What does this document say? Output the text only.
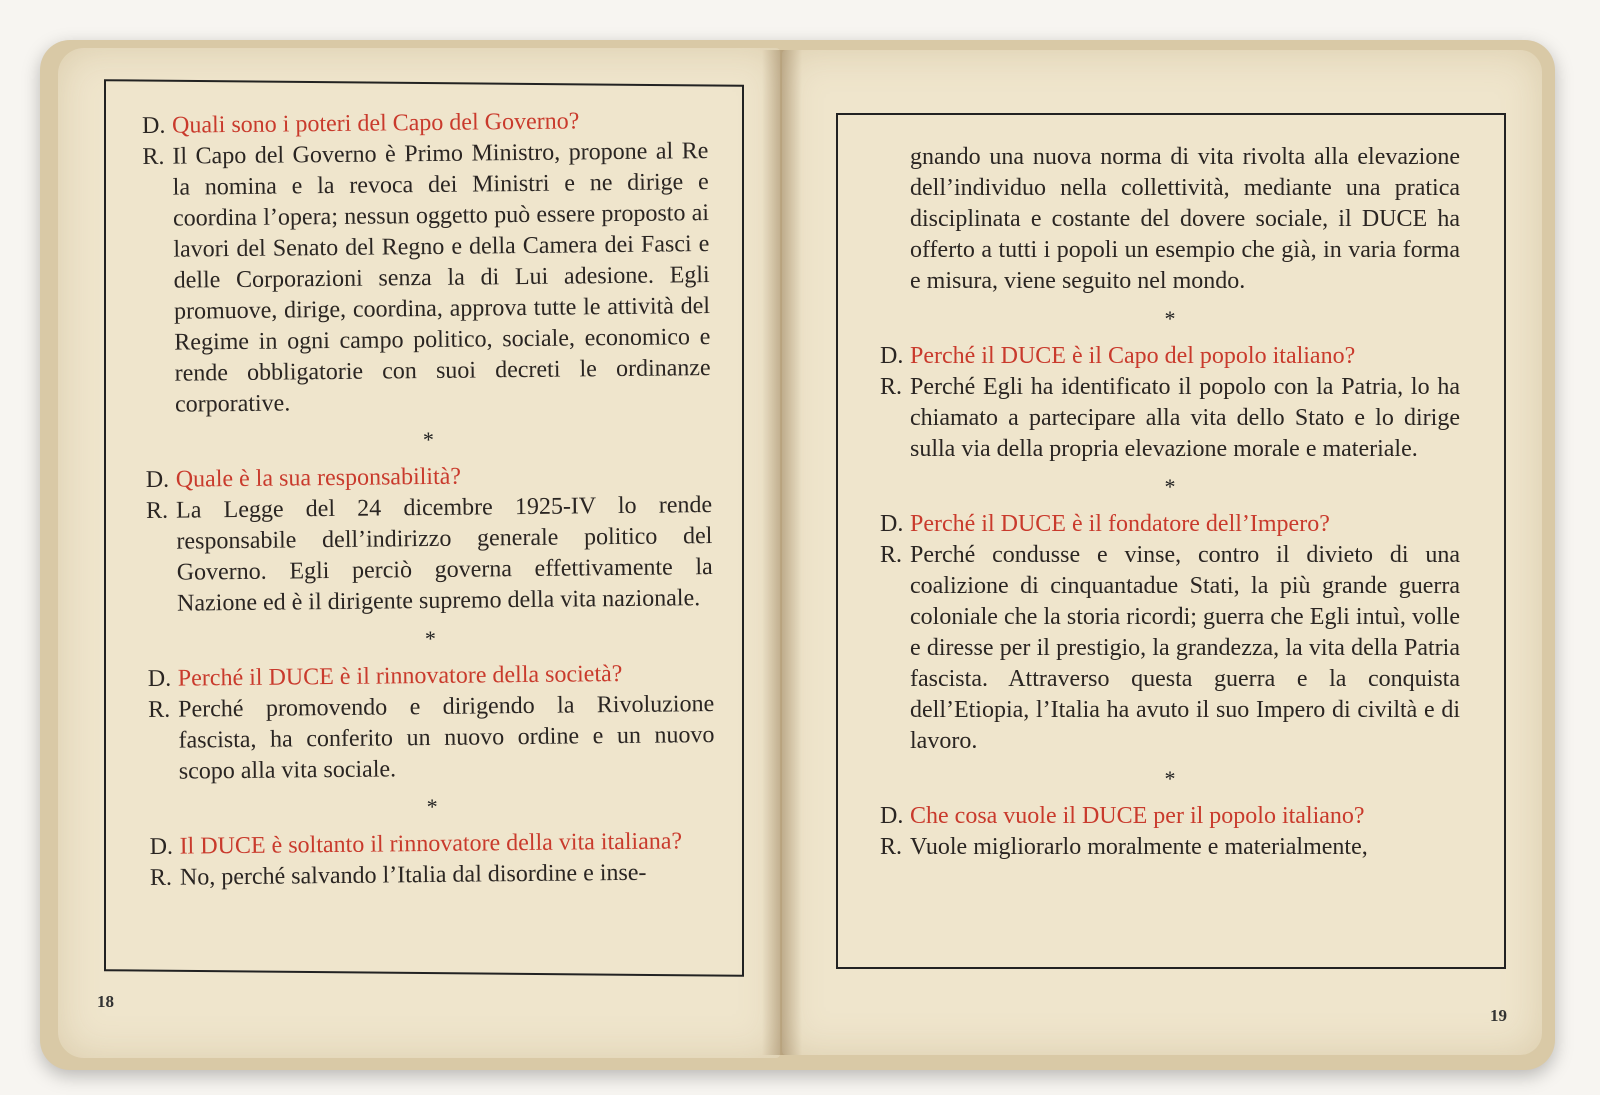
D. Quali sono i poteri del Capo del Governo?
R. Il Capo del Governo è Primo Ministro, propone al Re la nomina e la revoca dei Ministri e ne dirige e coordina l’opera; nessun oggetto può essere proposto ai lavori del Senato del Regno e della Camera dei Fasci e delle Corporazioni senza la di Lui adesione. Egli promuove, dirige, coordina, approva tutte le attività del Regime in ogni campo politico, sociale, economico e rende obbligatorie con suoi decreti le ordinanze corporative.
*
D. Quale è la sua responsabilità?
R. La Legge del 24 dicembre 1925-IV lo rende responsabile dell’indirizzo generale politico del Governo. Egli perciò governa effettivamente la Nazione ed è il dirigente supremo della vita nazionale.
*
D. Perché il DUCE è il rinnovatore della società?
R. Perché promovendo e dirigendo la Rivoluzione fascista, ha conferito un nuovo ordine e un nuovo scopo alla vita sociale.
*
D. Il DUCE è soltanto il rinnovatore della vita italiana?
R. No, perché salvando l’Italia dal disordine e inse-
18
gnando una nuova norma di vita rivolta alla elevazione dell’individuo nella collettività, mediante una pratica disciplinata e costante del dovere sociale, il DUCE ha offerto a tutti i popoli un esempio che già, in varia forma e misura, viene seguito nel mondo.
*
D. Perché il DUCE è il Capo del popolo italiano?
R. Perché Egli ha identificato il popolo con la Patria, lo ha chiamato a partecipare alla vita dello Stato e lo dirige sulla via della propria elevazione morale e materiale.
*
D. Perché il DUCE è il fondatore dell’Impero?
R. Perché condusse e vinse, contro il divieto di una coalizione di cinquantadue Stati, la più grande guerra coloniale che la storia ricordi; guerra che Egli intuì, volle e diresse per il prestigio, la grandezza, la vita della Patria fascista. Attraverso questa guerra e la conquista dell’Etiopia, l’Italia ha avuto il suo Impero di civiltà e di lavoro.
*
D. Che cosa vuole il DUCE per il popolo italiano?
R. Vuole migliorarlo moralmente e materialmente,
19
